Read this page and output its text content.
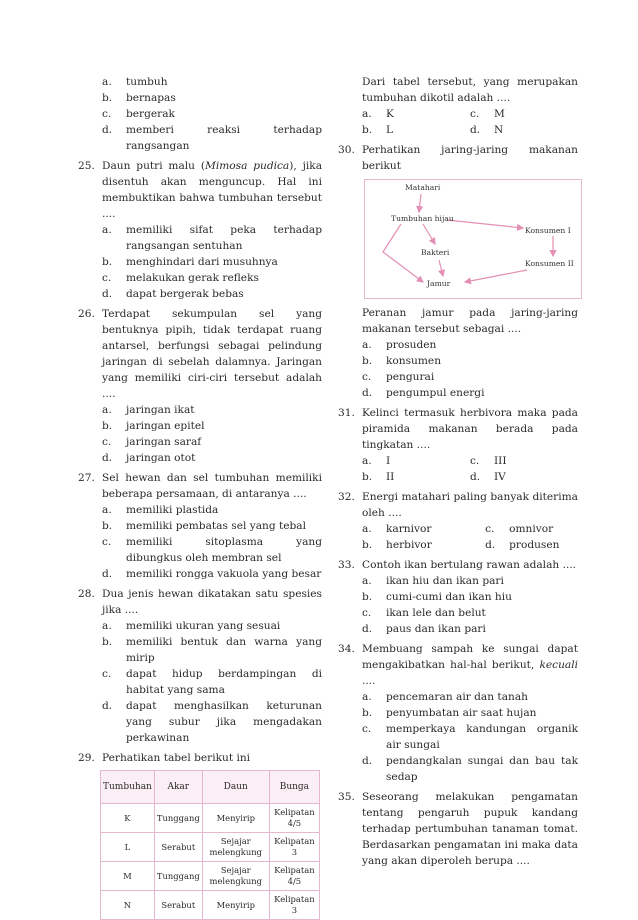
a. tumbuh
b. bernapas
c. bergerak
d. memberi reaksi terhadap rangsangan
25. Daun putri malu (Mimosa pudica), jika disentuh akan menguncup. Hal ini membuktikan bahwa tumbuhan tersebut ....
a. memiliki sifat peka terhadap rangsangan sentuhan
b. menghindari dari musuhnya
c. melakukan gerak refleks
d. dapat bergerak bebas
26. Terdapat sekumpulan sel yang bentuknya pipih, tidak terdapat ruang antarsel, berfungsi sebagai pelindung jaringan di sebelah dalamnya. Jaringan yang memiliki ciri-ciri tersebut adalah ....
a. jaringan ikat
b. jaringan epitel
c. jaringan saraf
d. jaringan otot
27. Sel hewan dan sel tumbuhan memiliki beberapa persamaan, di antaranya ....
a. memiliki plastida
b. memiliki pembatas sel yang tebal
c. memiliki sitoplasma yang dibungkus oleh membran sel
d. memiliki rongga vakuola yang besar
28. Dua jenis hewan dikatakan satu spesies jika ....
a. memiliki ukuran yang sesuai
b. memiliki bentuk dan warna yang mirip
c. dapat hidup berdampingan di habitat yang sama
d. dapat menghasilkan keturunan yang subur jika mengadakan perkawinan
29. Perhatikan tabel berikut ini
Tumbuhan	Akar	Daun	Bunga
K	Tunggang	Menyirip	Kelipatan 4/5
L	Serabut	Sejajar melengkung	Kelipatan 3
M	Tunggang	Sejajar melengkung	Kelipatan 4/5
N	Serabut	Menyirip	Kelipatan 3
Dari tabel tersebut, yang merupakan tumbuhan dikotil adalah ....
a. K	c. M
b. L	d. N
30. Perhatikan jaring-jaring makanan berikut
Matahari
Tumbuhan hijau
Konsumen I
Bakteri
Konsumen II
Jamur
Peranan jamur pada jaring-jaring makanan tersebut sebagai ....
a. prosuden
b. konsumen
c. pengurai
d. pengumpul energi
31. Kelinci termasuk herbivora maka pada piramida makanan berada pada tingkatan ....
a. I	c. III
b. II	d. IV
32. Energi matahari paling banyak diterima oleh ....
a. karnivor	c. omnivor
b. herbivor	d. produsen
33. Contoh ikan bertulang rawan adalah ....
a. ikan hiu dan ikan pari
b. cumi-cumi dan ikan hiu
c. ikan lele dan belut
d. paus dan ikan pari
34. Membuang sampah ke sungai dapat mengakibatkan hal-hal berikut, kecuali ....
a. pencemaran air dan tanah
b. penyumbatan air saat hujan
c. memperkaya kandungan organik air sungai
d. pendangkalan sungai dan bau tak sedap
35. Seseorang melakukan pengamatan tentang pengaruh pupuk kandang terhadap pertumbuhan tanaman tomat. Berdasarkan pengamatan ini maka data yang akan diperoleh berupa ....
